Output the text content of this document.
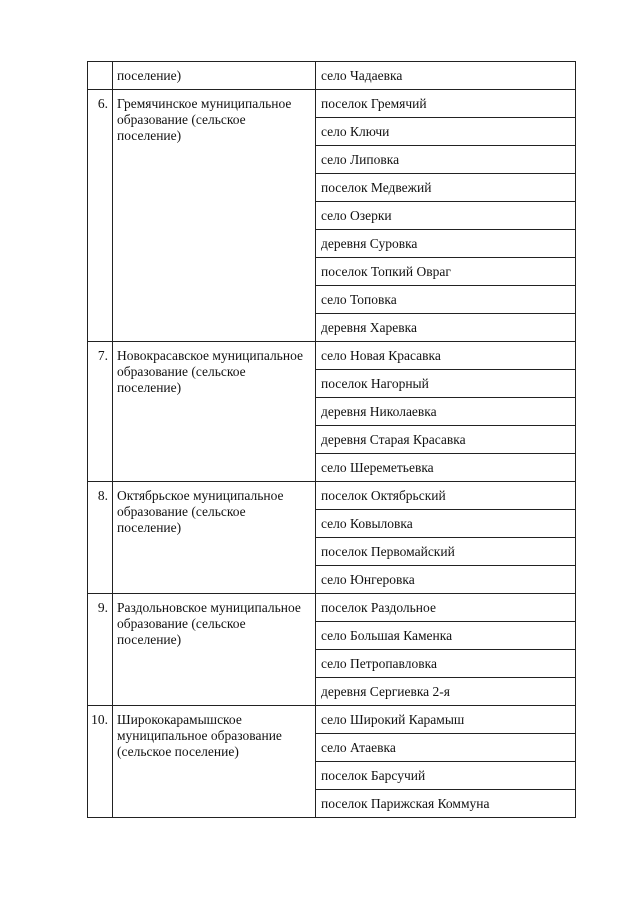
	поселение)	село Чадаевка
6.	Гремячинское муниципальное образование (сельское поселение)	поселок Гремячий
		село Ключи
		село Липовка
		поселок Медвежий
		село Озерки
		деревня Суровка
		поселок Топкий Овраг
		село Топовка
		деревня Харевка
7.	Новокрасавское муниципальное образование (сельское поселение)	село Новая Красавка
		поселок Нагорный
		деревня Николаевка
		деревня Старая Красавка
		село Шереметьевка
8.	Октябрьское муниципальное образование (сельское поселение)	поселок Октябрьский
		село Ковыловка
		поселок Первомайский
		село Юнгеровка
9.	Раздольновское муниципальное образование (сельское поселение)	поселок Раздольное
		село Большая Каменка
		село Петропавловка
		деревня Сергиевка 2-я
10.	Ширококарамышское муниципальное образование (сельское поселение)	село Широкий Карамыш
		село Атаевка
		поселок Барсучий
		поселок Парижская Коммуна
